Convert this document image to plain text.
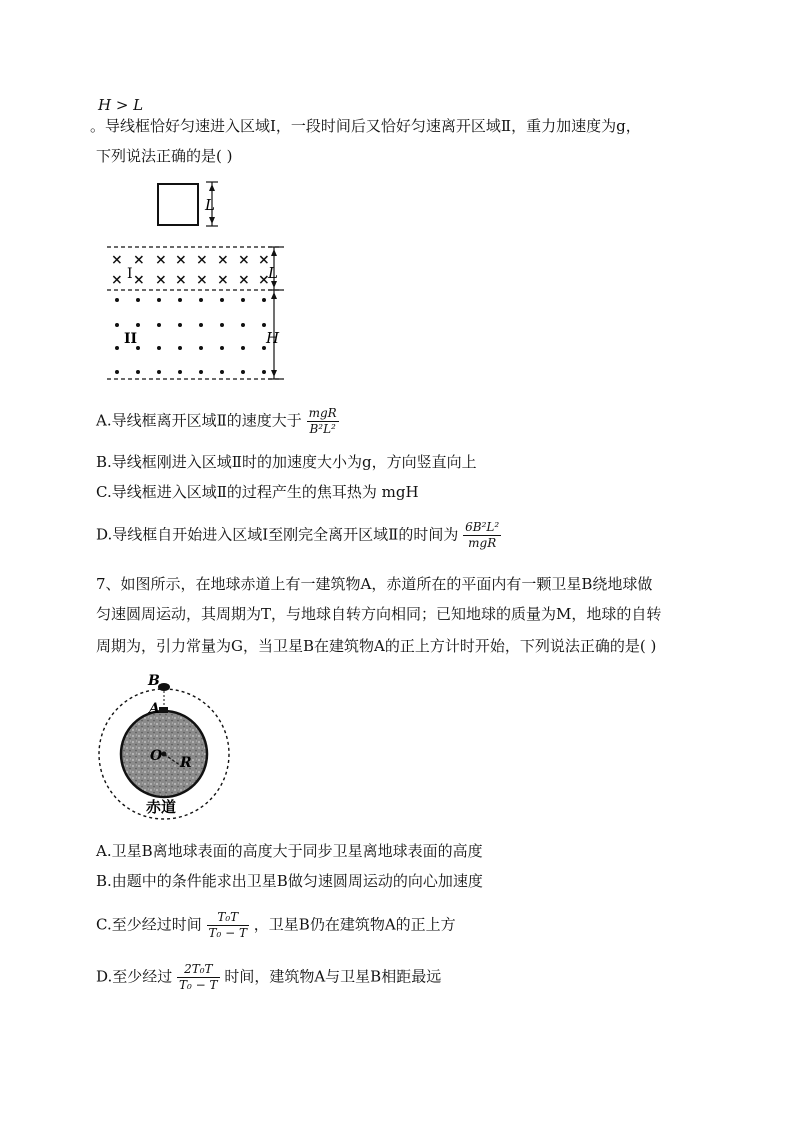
H > L
。导线框恰好匀速进入区域Ⅰ，一段时间后又恰好匀速离开区域Ⅱ，重力加速度为g，
下列说法正确的是( )
L
× × × × × × × ×
× × × × × × × ×
I
II
L
H
A.导线框离开区域Ⅱ的速度大于 $\frac{\text{mgR}}{\text{B²L²}}$
B.导线框刚进入区域Ⅱ时的加速度大小为g，方向竖直向上
C.导线框进入区域Ⅱ的过程产生的焦耳热为 mgH
D.导线框自开始进入区域Ⅰ至刚完全离开区域Ⅱ的时间为 $\frac{\text{6B²L²}}{\text{mgR}}$
7、如图所示，在地球赤道上有一建筑物A，赤道所在的平面内有一颗卫星B绕地球做
匀速圆周运动，其周期为T，与地球自转方向相同；已知地球的质量为M，地球的自转
周期为，引力常量为G，当卫星B在建筑物A的正上方计时开始，下列说法正确的是( )
B
A
O R
赤道
A.卫星B离地球表面的高度大于同步卫星离地球表面的高度
B.由题中的条件能求出卫星B做匀速圆周运动的向心加速度
C.至少经过时间 $\frac{\text{T₀T}}{\text{T₀ − T}}$ ，卫星B仍在建筑物A的正上方
D.至少经过 $\frac{\text{2T₀T}}{\text{T₀ − T}}$ 时间，建筑物A与卫星B相距最远
